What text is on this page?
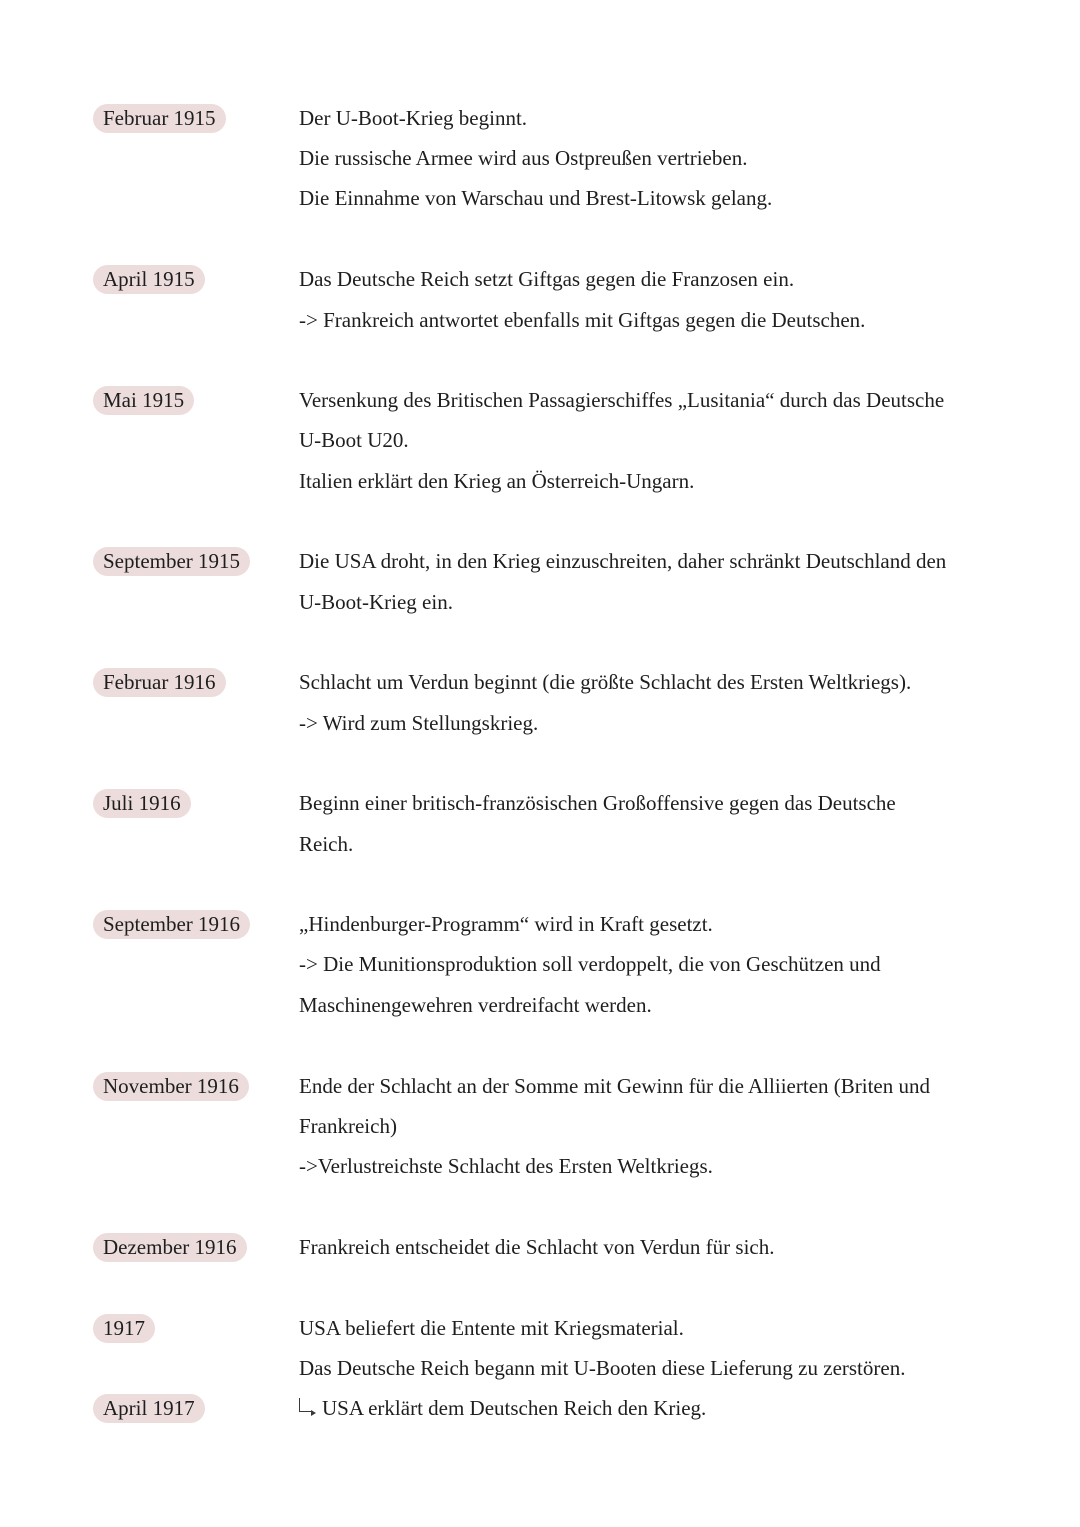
Februar 1915	Der U-Boot-Krieg beginnt.
Die russische Armee wird aus Ostpreußen vertrieben.
Die Einnahme von Warschau und Brest-Litowsk gelang.
April 1915	Das Deutsche Reich setzt Giftgas gegen die Franzosen ein.
-> Frankreich antwortet ebenfalls mit Giftgas gegen die Deutschen.
Mai 1915	Versenkung des Britischen Passagierschiffes „Lusitania“ durch das Deutsche
U-Boot U20.
Italien erklärt den Krieg an Österreich-Ungarn.
September 1915	Die USA droht, in den Krieg einzuschreiten, daher schränkt Deutschland den
U-Boot-Krieg ein.
Februar 1916	Schlacht um Verdun beginnt (die größte Schlacht des Ersten Weltkriegs).
-> Wird zum Stellungskrieg.
Juli 1916	Beginn einer britisch-französischen Großoffensive gegen das Deutsche
Reich.
September 1916	„Hindenburger-Programm“ wird in Kraft gesetzt.
-> Die Munitionsproduktion soll verdoppelt, die von Geschützen und
Maschinengewehren verdreifacht werden.
November 1916	Ende der Schlacht an der Somme mit Gewinn für die Alliierten (Briten und
Frankreich)
->Verlustreichste Schlacht des Ersten Weltkriegs.
Dezember 1916	Frankreich entscheidet die Schlacht von Verdun für sich.
1917	USA beliefert die Entente mit Kriegsmaterial.
Das Deutsche Reich begann mit U-Booten diese Lieferung zu zerstören.
April 1917	USA erklärt dem Deutschen Reich den Krieg.
